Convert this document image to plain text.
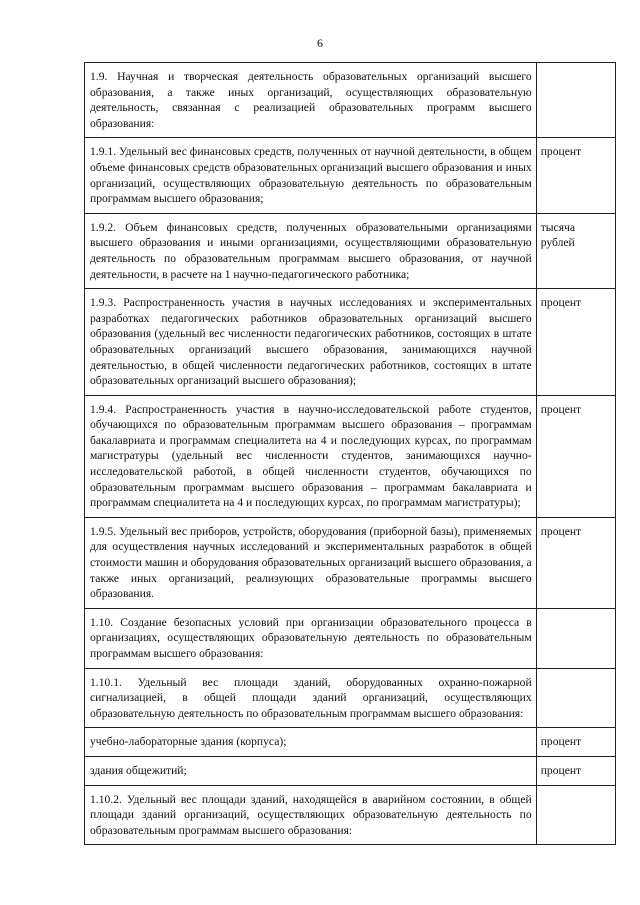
6
1.9. Научная и творческая деятельность образовательных организаций высшего образования, а также иных организаций, осуществляющих образовательную деятельность, связанная с реализацией образовательных программ высшего образования:	
1.9.1. Удельный вес финансовых средств, полученных от научной деятельности, в общем объеме финансовых средств образовательных организаций высшего образования и иных организаций, осуществляющих образовательную деятельность по образовательным программам высшего образования;	процент
1.9.2. Объем финансовых средств, полученных образовательными организациями высшего образования и иными организациями, осуществляющими образовательную деятельность по образовательным программам высшего образования, от научной деятельности, в расчете на 1 научно-педагогического работника;	тысяча рублей
1.9.3. Распространенность участия в научных исследованиях и экспериментальных разработках педагогических работников образовательных организаций высшего образования (удельный вес численности педагогических работников, состоящих в штате образовательных организаций высшего образования, занимающихся научной деятельностью, в общей численности педагогических работников, состоящих в штате образовательных организаций высшего образования);	процент
1.9.4. Распространенность участия в научно-исследовательской работе студентов, обучающихся по образовательным программам высшего образования – программам бакалавриата и программам специалитета на 4 и последующих курсах, по программам магистратуры (удельный вес численности студентов, занимающихся научно-исследовательской работой, в общей численности студентов, обучающихся по образовательным программам высшего образования – программам бакалавриата и программам специалитета на 4 и последующих курсах, по программам магистратуры);	процент
1.9.5. Удельный вес приборов, устройств, оборудования (приборной базы), применяемых для осуществления научных исследований и экспериментальных разработок в общей стоимости машин и оборудования образовательных организаций высшего образования, а также иных организаций, реализующих образовательные программы высшего образования.	процент
1.10. Создание безопасных условий при организации образовательного процесса в организациях, осуществляющих образовательную деятельность по образовательным программам высшего образования:	
1.10.1. Удельный вес площади зданий, оборудованных охранно-пожарной сигнализацией, в общей площади зданий организаций, осуществляющих образовательную деятельность по образовательным программам высшего образования:	
учебно-лабораторные здания (корпуса);	процент
здания общежитий;	процент
1.10.2. Удельный вес площади зданий, находящейся в аварийном состоянии, в общей площади зданий организаций, осуществляющих образовательную деятельность по образовательным программам высшего образования:	
